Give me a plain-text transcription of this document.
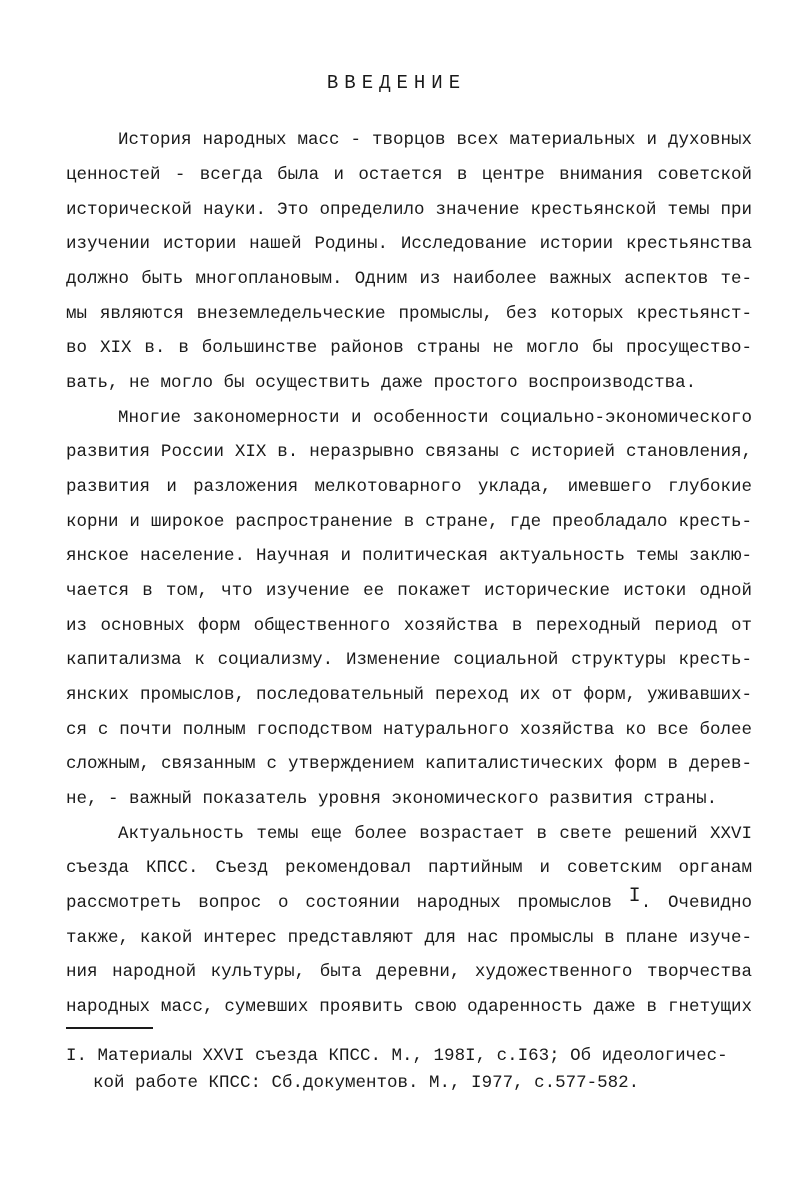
ВВЕДЕНИЕ

История народных масс - творцов всех материальных и духовных

ценностей - всегда была и остается в центре внимания советской

исторической науки. Это определило значение крестьянской темы при

изучении истории нашей Родины. Исследование истории крестьянства

должно быть многоплановым. Одним из наиболее важных аспектов те-

мы являются внеземледельческие промыслы, без которых крестьянст-

во XIX в. в большинстве районов страны не могло бы просуществo-

вать, не могло бы осуществить даже простого воспроизводства.

Многие закономерности и особенности социально-экономического

развития России XIX в. неразрывно связаны с историей становления,

развития и разложения мелкотоварного уклада, имевшего глубокие

корни и широкое распространение в стране, где преобладало кресть-

янское население. Научная и политическая актуальность темы заклю-

чается в том, что изучение ее покажет исторические истоки одной

из основных форм общественного хозяйства в переходный период от

капитализма к социализму. Изменение социальной структуры кресть-

янских промыслов, последовательный переход их от форм, уживавших-

ся с почти полным господством натурального хозяйства ко все более

сложным, связанным с утверждением капиталистических форм в дерев-

не, - важный показатель уровня экономического развития страны.

Актуальность темы еще более возрастает в свете решений XXVI

съезда КПСС. Съезд рекомендовал партийным и советским органам

рассмотреть вопрос о состоянии народных промыслов $^I$. Очевидно

также, какой интерес представляют для нас промыслы в плане изуче-

ния народной культуры, быта деревни, художественного творчества

народных масс, сумевших проявить свою одаренность даже в гнетущих

I. Материалы XXVI съезда КПСС. М., 198I, с.I63; Об идеологичес-

кой работе КПСС: Сб.документов. М., I977, с.577-582.
